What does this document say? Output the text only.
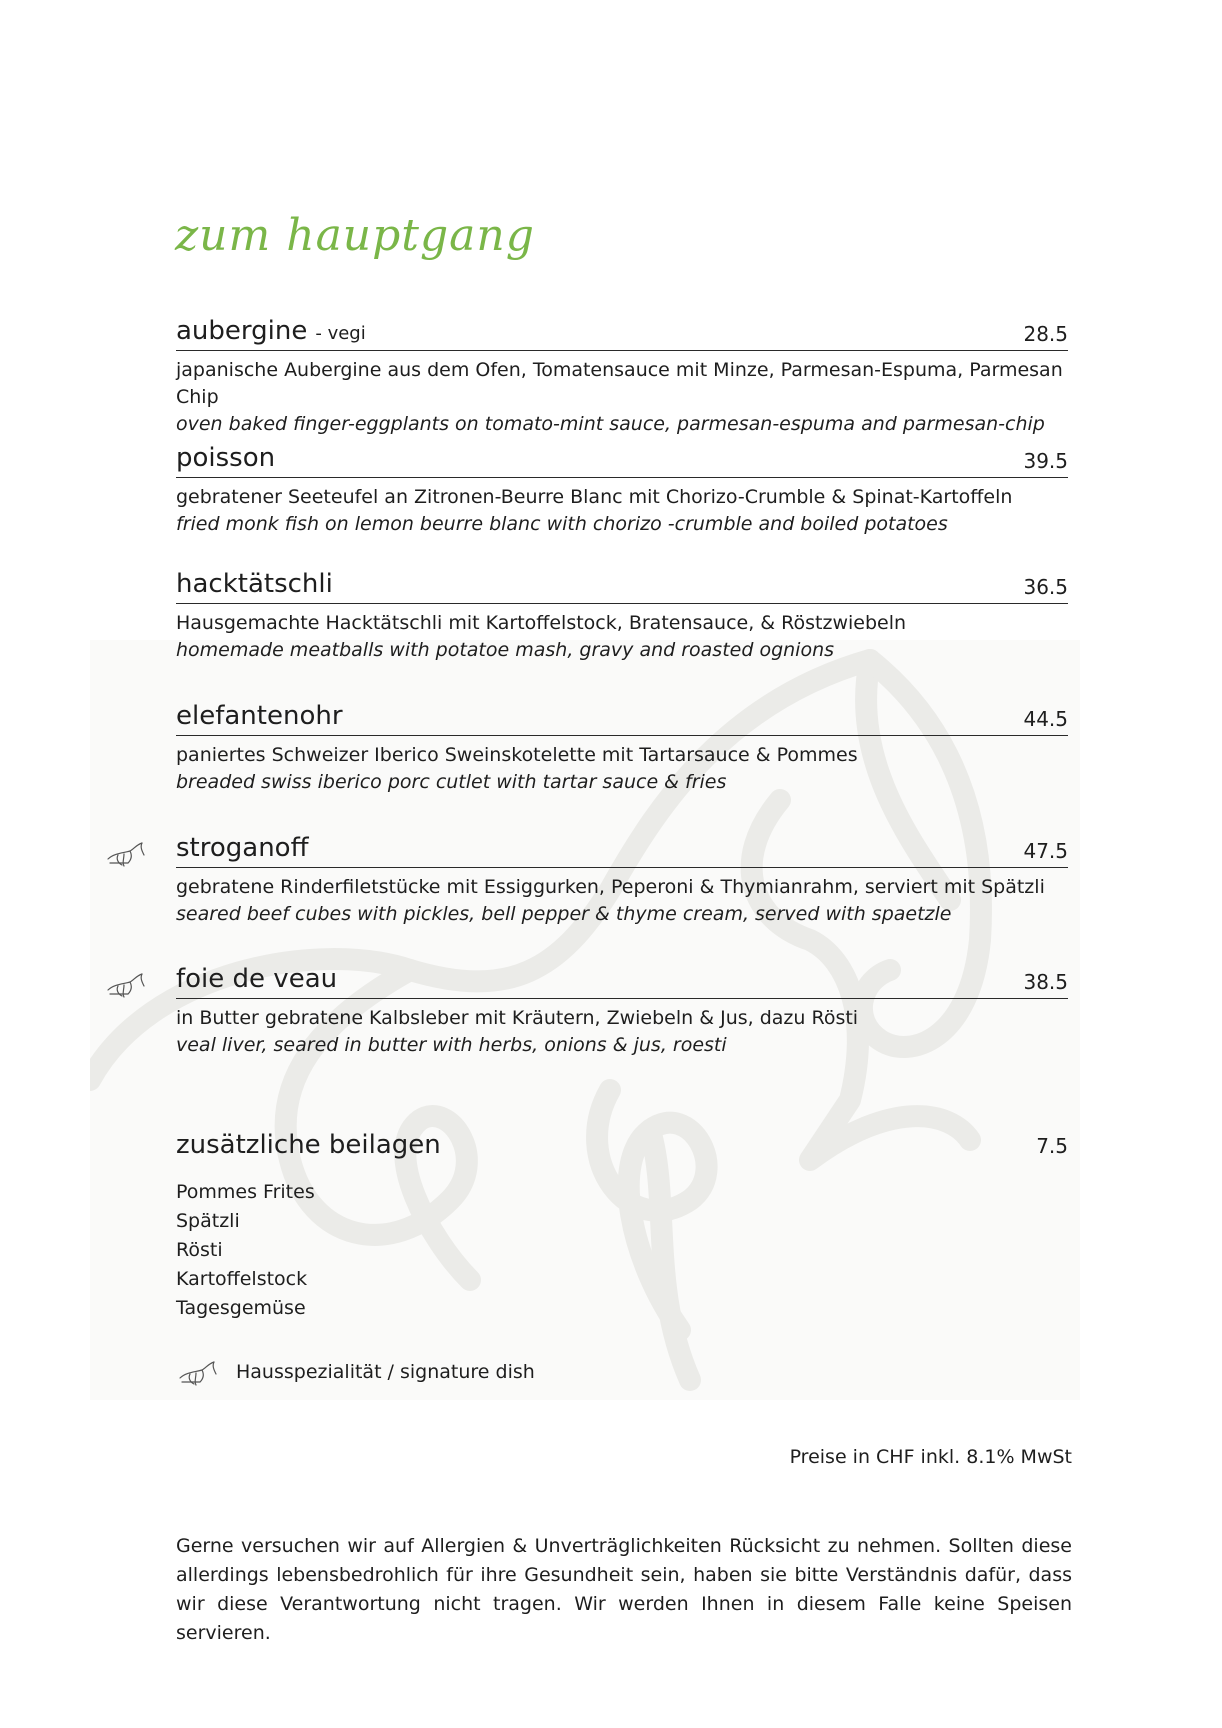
zum hauptgang
aubergine - vegi	28.5
japanische Aubergine aus dem Ofen, Tomatensauce mit Minze, Parmesan-Espuma, Parmesan Chip
oven baked finger-eggplants on tomato-mint sauce, parmesan-espuma and parmesan-chip
poisson	39.5
gebratener Seeteufel an Zitronen-Beurre Blanc mit Chorizo-Crumble & Spinat-Kartoffeln
fried monk fish on lemon beurre blanc with chorizo -crumble and boiled potatoes
hacktätschli	36.5
Hausgemachte Hacktätschli mit Kartoffelstock, Bratensauce, & Röstzwiebeln
homemade meatballs with potatoe mash, gravy and roasted ognions
elefantenohr	44.5
paniertes Schweizer Iberico Sweinskotelette mit Tartarsauce & Pommes
breaded swiss iberico porc cutlet with tartar sauce & fries
stroganoff	47.5
gebratene Rinderfiletstücke mit Essiggurken, Peperoni & Thymianrahm, serviert mit Spätzli
seared beef cubes with pickles, bell pepper & thyme cream, served with spaetzle
foie de veau	38.5
in Butter gebratene Kalbsleber mit Kräutern, Zwiebeln & Jus, dazu Rösti
veal liver, seared in butter with herbs, onions & jus, roesti
zusätzliche beilagen	7.5
Pommes Frites
Spätzli
Rösti
Kartoffelstock
Tagesgemüse
Hausspezialität / signature dish
Preise in CHF inkl. 8.1% MwSt
Gerne versuchen wir auf Allergien & Unverträglichkeiten Rücksicht zu nehmen. Sollten diese allerdings lebensbedrohlich für ihre Gesundheit sein, haben sie bitte Verständnis dafür, dass wir diese Verantwortung nicht tragen. Wir werden Ihnen in diesem Falle keine Speisen servieren.
